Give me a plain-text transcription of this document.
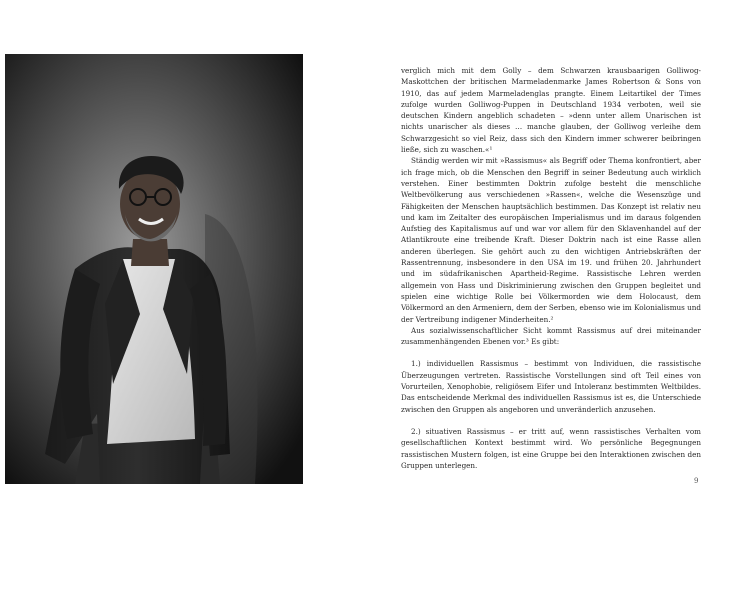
verglich mich mit dem Golly – dem Schwarzen krausbaarigen Golliwog-Maskottchen der britischen Marmeladenmarke James Robertson & Sons von 1910, das auf jedem Marmeladenglas prangte. Einem Leitartikel der Times zufolge wurden Golliwog-Puppen in Deutschland 1934 verboten, weil sie deutschen Kindern angeblich schadeten – »denn unter allem Unarischen ist nichts unarischer als dieses … manche glauben, der Golliwog verleihe dem Schwarzgesicht so viel Reiz, dass sich den Kindern immer schwerer beibringen ließe, sich zu waschen.«¹

Ständig werden wir mit »Rassismus« als Begriff oder Thema konfrontiert, aber ich frage mich, ob die Menschen den Begriff in seiner Bedeutung auch wirklich verstehen. Einer bestimmten Doktrin zufolge besteht die menschliche Weltbevölkerung aus verschiedenen »Rassen«, welche die Wesenszüge und Fähigkeiten der Menschen hauptsächlich bestimmen. Das Konzept ist relativ neu und kam im Zeitalter des europäischen Imperialismus und im daraus folgenden Aufstieg des Kapitalismus auf und war vor allem für den Sklavenhandel auf der Atlantikroute eine treibende Kraft. Dieser Doktrin nach ist eine Rasse allen anderen überlegen. Sie gehört auch zu den wichtigen Antriebskräften der Rassentrennung, insbesondere in den USA im 19. und frühen 20. Jahrhundert und im südafrikanischen Apartheid-Regime. Rassistische Lehren werden allgemein von Hass und Diskriminierung zwischen den Gruppen begleitet und spielen eine wichtige Rolle bei Völkermorden wie dem Holocaust, dem Völkermord an den Armeniern, dem der Serben, ebenso wie im Kolonialismus und der Vertreibung indigener Minderheiten.²

Aus sozialwissenschaftlicher Sicht kommt Rassismus auf drei miteinander zusammenhängenden Ebenen vor.³ Es gibt:

1.) individuellen Rassismus – bestimmt von Individuen, die rassistische Überzeugungen vertreten. Rassistische Vorstellungen sind oft Teil eines von Vorurteilen, Xenophobie, religiösem Eifer und Intoleranz bestimmten Weltbildes. Das entscheidende Merkmal des individuellen Rassismus ist es, die Unterschiede zwischen den Gruppen als angeboren und unveränderlich anzusehen.

2.) situativen Rassismus – er tritt auf, wenn rassistisches Verhalten vom gesellschaftlichen Kontext bestimmt wird. Wo persönliche Begegnungen rassistischen Mustern folgen, ist eine Gruppe bei den Interaktionen zwischen den Gruppen unterlegen.

9
